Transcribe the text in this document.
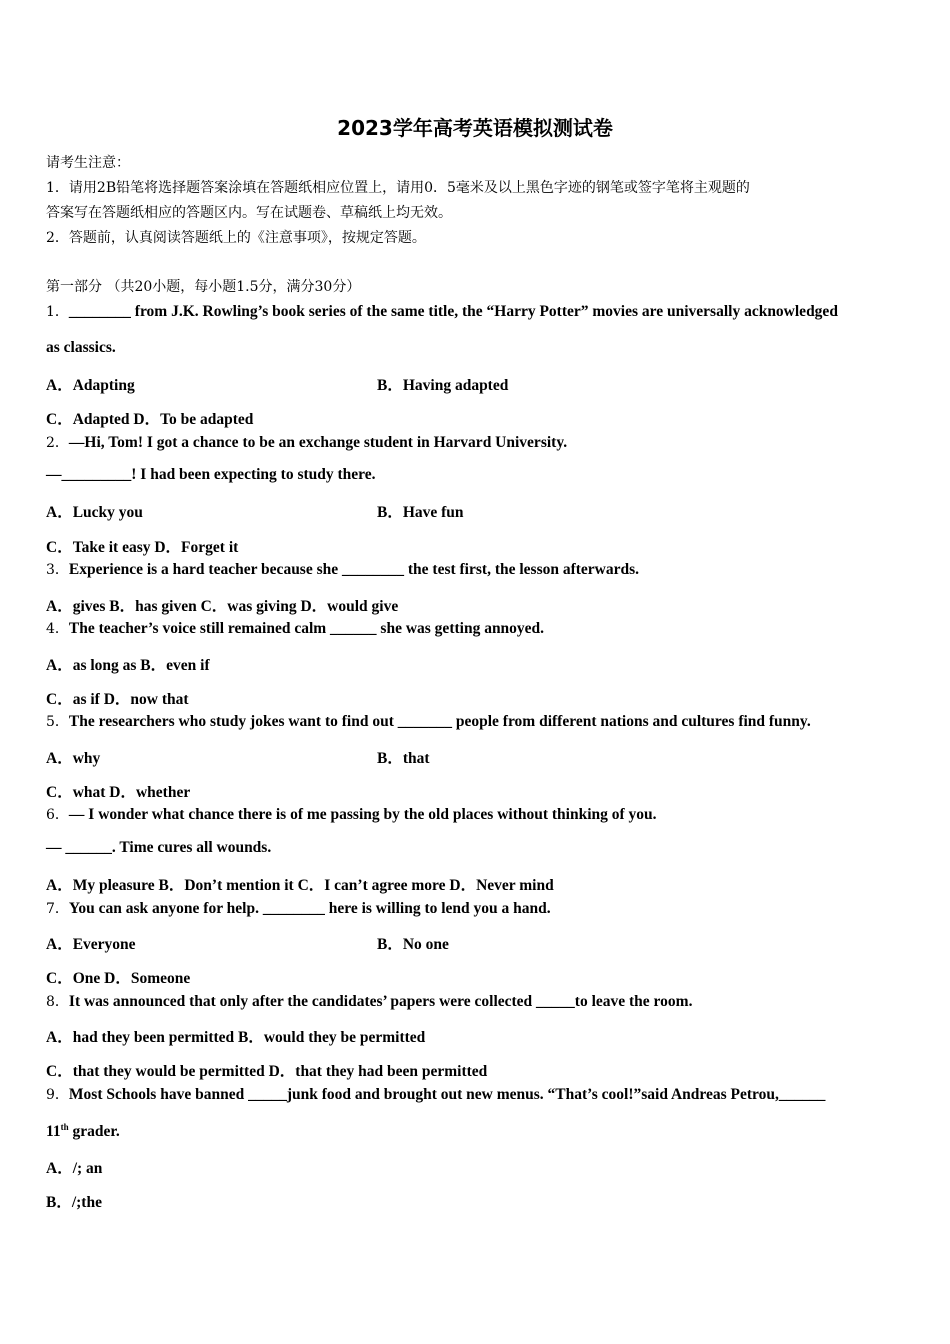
2023学年高考英语模拟测试卷
请考生注意：
1．请用2B铅笔将选择题答案涂填在答题纸相应位置上，请用0．5毫米及以上黑色字迹的钢笔或签字笔将主观题的
答案写在答题纸相应的答题区内。写在试题卷、草稿纸上均无效。
2．答题前，认真阅读答题纸上的《注意事项》，按规定答题。
第一部分 （共20小题，每小题1.5分，满分30分）
1．________ from J.K. Rowling’s book series of the same title, the “Harry Potter” movies are universally acknowledged
as classics.
A．Adapting	B．Having adapted
C．Adapted D．To be adapted
2．—Hi, Tom! I got a chance to be an exchange student in Harvard University.
—_________! I had been expecting to study there.
A．Lucky you	B．Have fun
C．Take it easy D．Forget it
3．Experience is a hard teacher because she ________ the test first, the lesson afterwards.
A．gives B．has given C．was giving D．would give
4．The teacher’s voice still remained calm ______ she was getting annoyed.
A．as long as B．even if
C．as if D．now that
5．The researchers who study jokes want to find out _______ people from different nations and cultures find funny.
A．why	B．that
C．what D．whether
6．— I wonder what chance there is of me passing by the old places without thinking of you.
— ______. Time cures all wounds.
A．My pleasure B．Don’t mention it C．I can’t agree more D．Never mind
7．You can ask anyone for help. ________ here is willing to lend you a hand.
A．Everyone	B．No one
C．One D．Someone
8．It was announced that only after the candidates’ papers were collected _____to leave the room.
A．had they been permitted B．would they be permitted
C．that they would be permitted D．that they had been permitted
9．Most Schools have banned _____junk food and brought out new menus. “That’s cool!”said Andreas Petrou,______
11th grader.
A．/; an
B．/;the
